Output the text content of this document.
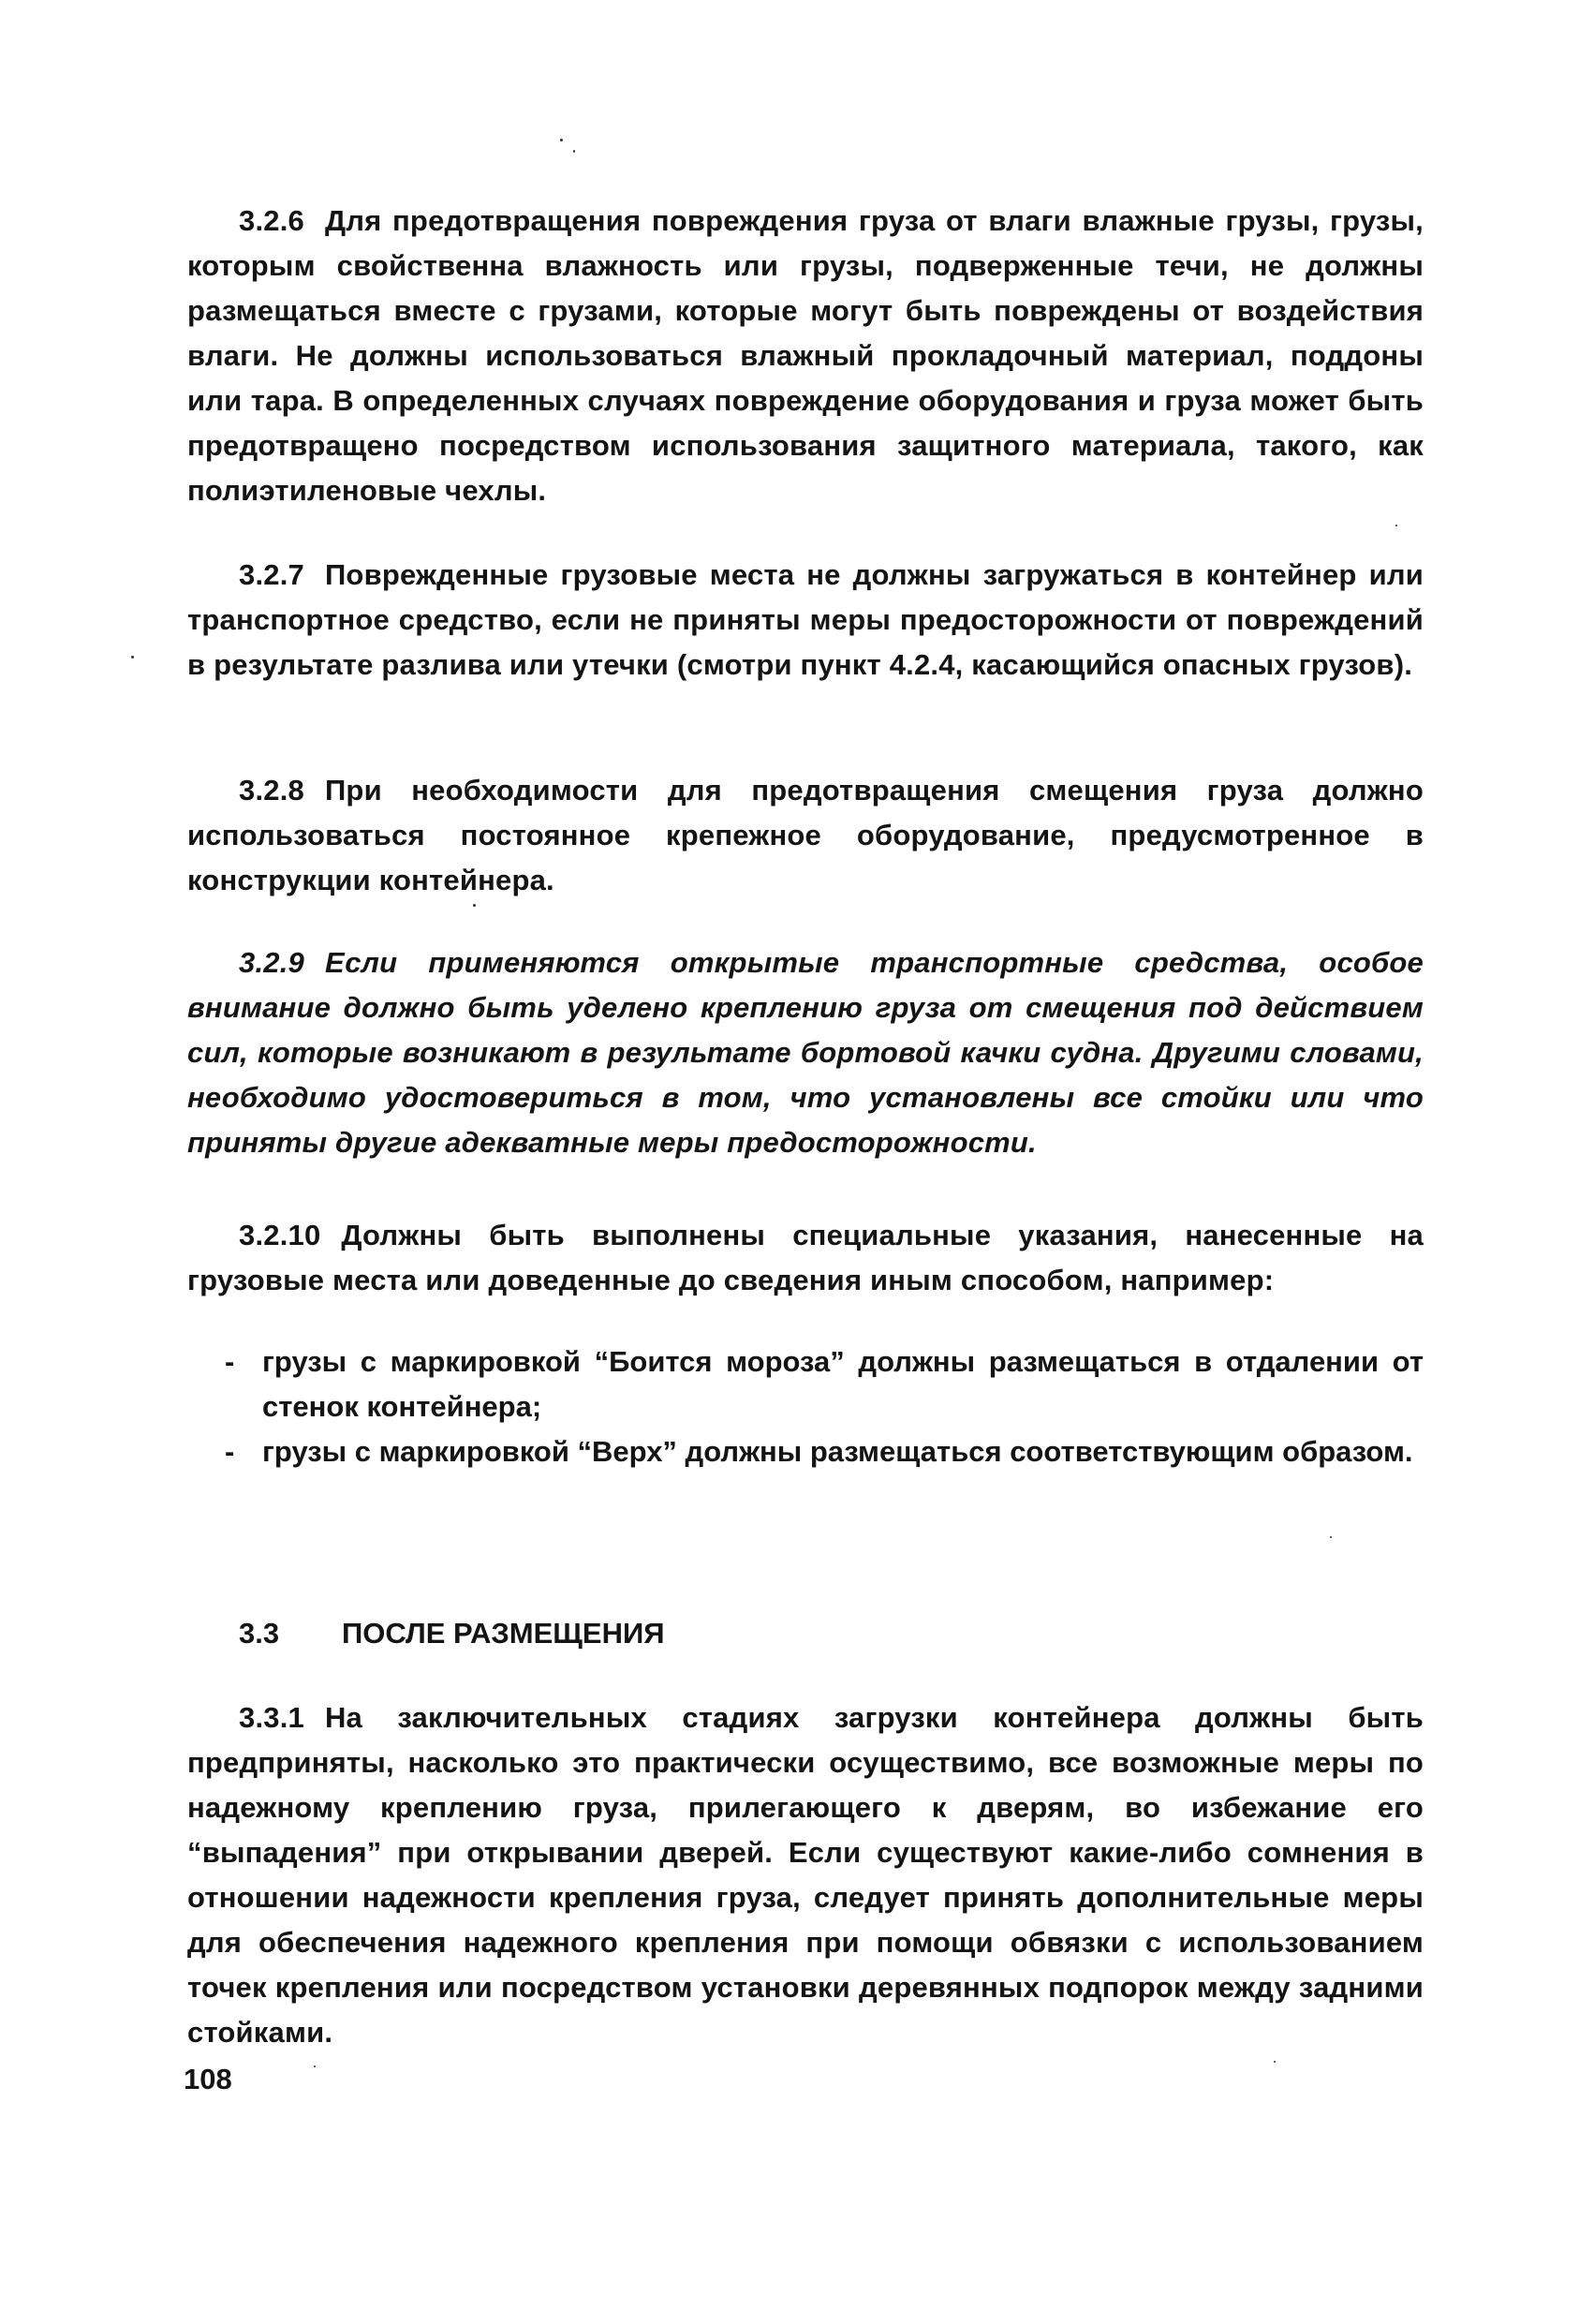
3.2.6 Для предотвращения повреждения груза от влаги влажные грузы, грузы, которым свойственна влажность или грузы, подверженные течи, не должны размещаться вместе с грузами, которые могут быть повреждены от воздействия влаги. Не должны использоваться влажный прокладочный материал, поддоны или тара. В определенных случаях повреждение оборудования и груза может быть предотвращено посредством использования защитного материала, такого, как полиэтиленовые чехлы.
3.2.7 Поврежденные грузовые места не должны загружаться в контейнер или транспортное средство, если не приняты меры предосторожности от повреждений в результате разлива или утечки (смотри пункт 4.2.4, касающийся опасных грузов).
3.2.8 При необходимости для предотвращения смещения груза должно использоваться постоянное крепежное оборудование, предусмотренное в конструкции контейнера.
3.2.9 Если применяются открытые транспортные средства, особое внимание должно быть уделено креплению груза от смещения под действием сил, которые возникают в результате бортовой качки судна. Другими словами, необходимо удостовериться в том, что установлены все стойки или что приняты другие адекватные меры предосторожности.
3.2.10 Должны быть выполнены специальные указания, нанесенные на грузовые места или доведенные до сведения иным способом, например:
- грузы с маркировкой “Боится мороза” должны размещаться в отдалении от стенок контейнера;
- грузы с маркировкой “Верх” должны размещаться соответствующим образом.
3.3 ПОСЛЕ РАЗМЕЩЕНИЯ
3.3.1 На заключительных стадиях загрузки контейнера должны быть предприняты, насколько это практически осуществимо, все возможные меры по надежному креплению груза, прилегающего к дверям, во избежание его “выпадения” при открывании дверей. Если существуют какие-либо сомнения в отношении надежности крепления груза, следует принять дополнительные меры для обеспечения надежного крепления при помощи обвязки с использованием точек крепления или посредством установки деревянных подпорок между задними стойками.
108
